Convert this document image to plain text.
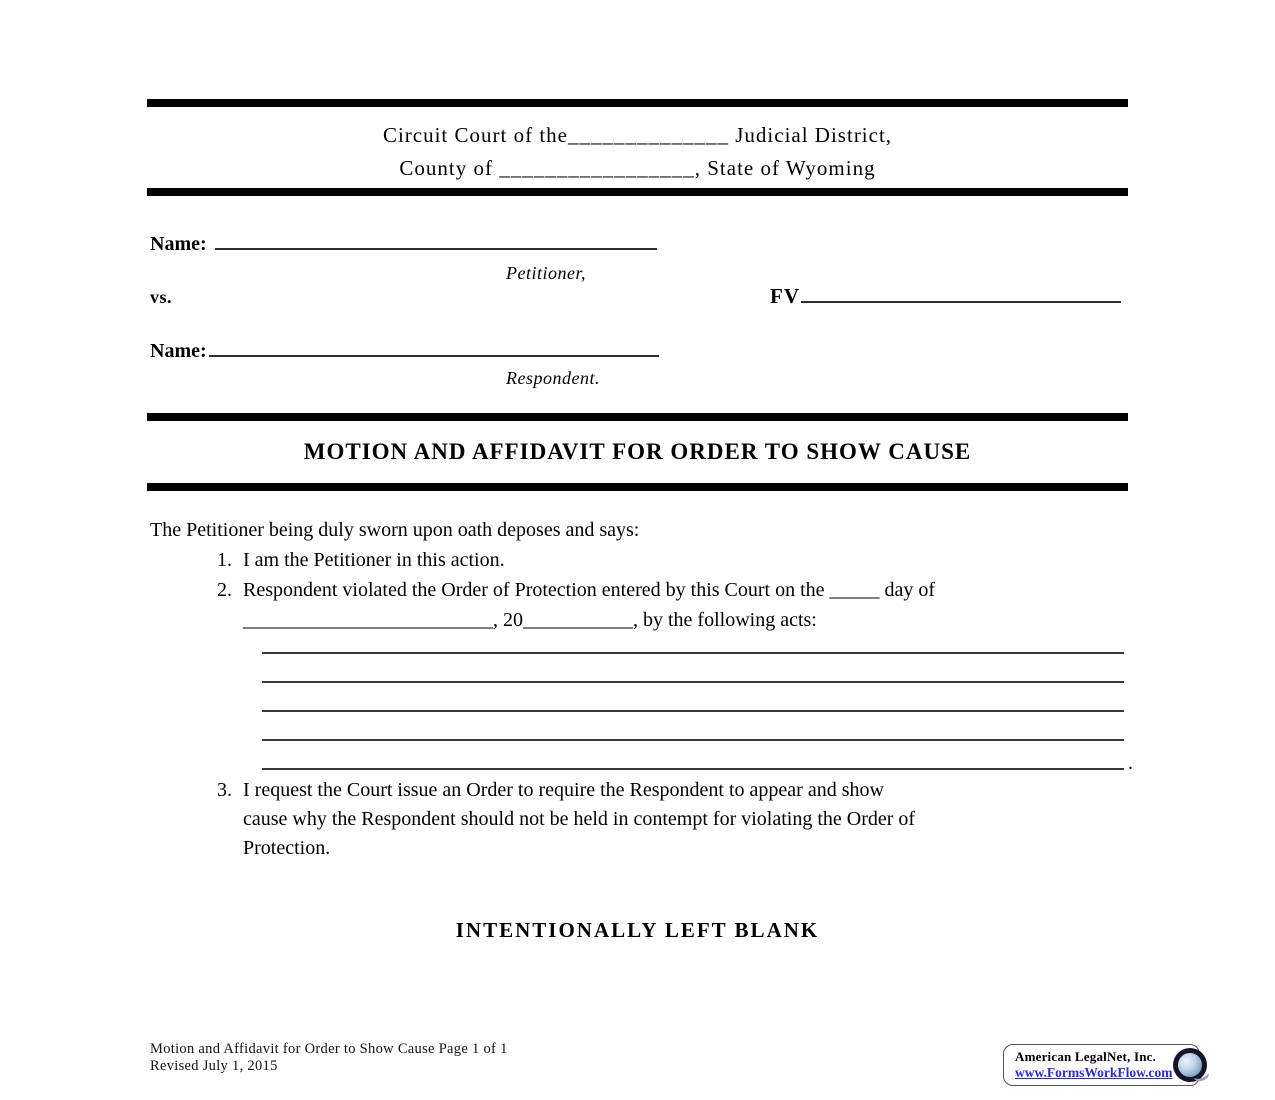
Circuit Court of the______________ Judicial District,
County of _________________, State of Wyoming
Name:
Petitioner,
vs.	FV
Name:
Respondent.
MOTION AND AFFIDAVIT FOR ORDER TO SHOW CAUSE
The Petitioner being duly sworn upon oath deposes and says:
1. I am the Petitioner in this action.
2. Respondent violated the Order of Protection entered by this Court on the _____ day of
_________________________, 20___________, by the following acts:
.
3. I request the Court issue an Order to require the Respondent to appear and show
cause why the Respondent should not be held in contempt for violating the Order of
Protection.
INTENTIONALLY LEFT BLANK
Motion and Affidavit for Order to Show Cause Page 1 of 1
Revised July 1, 2015
American LegalNet, Inc.
www.FormsWorkFlow.com
